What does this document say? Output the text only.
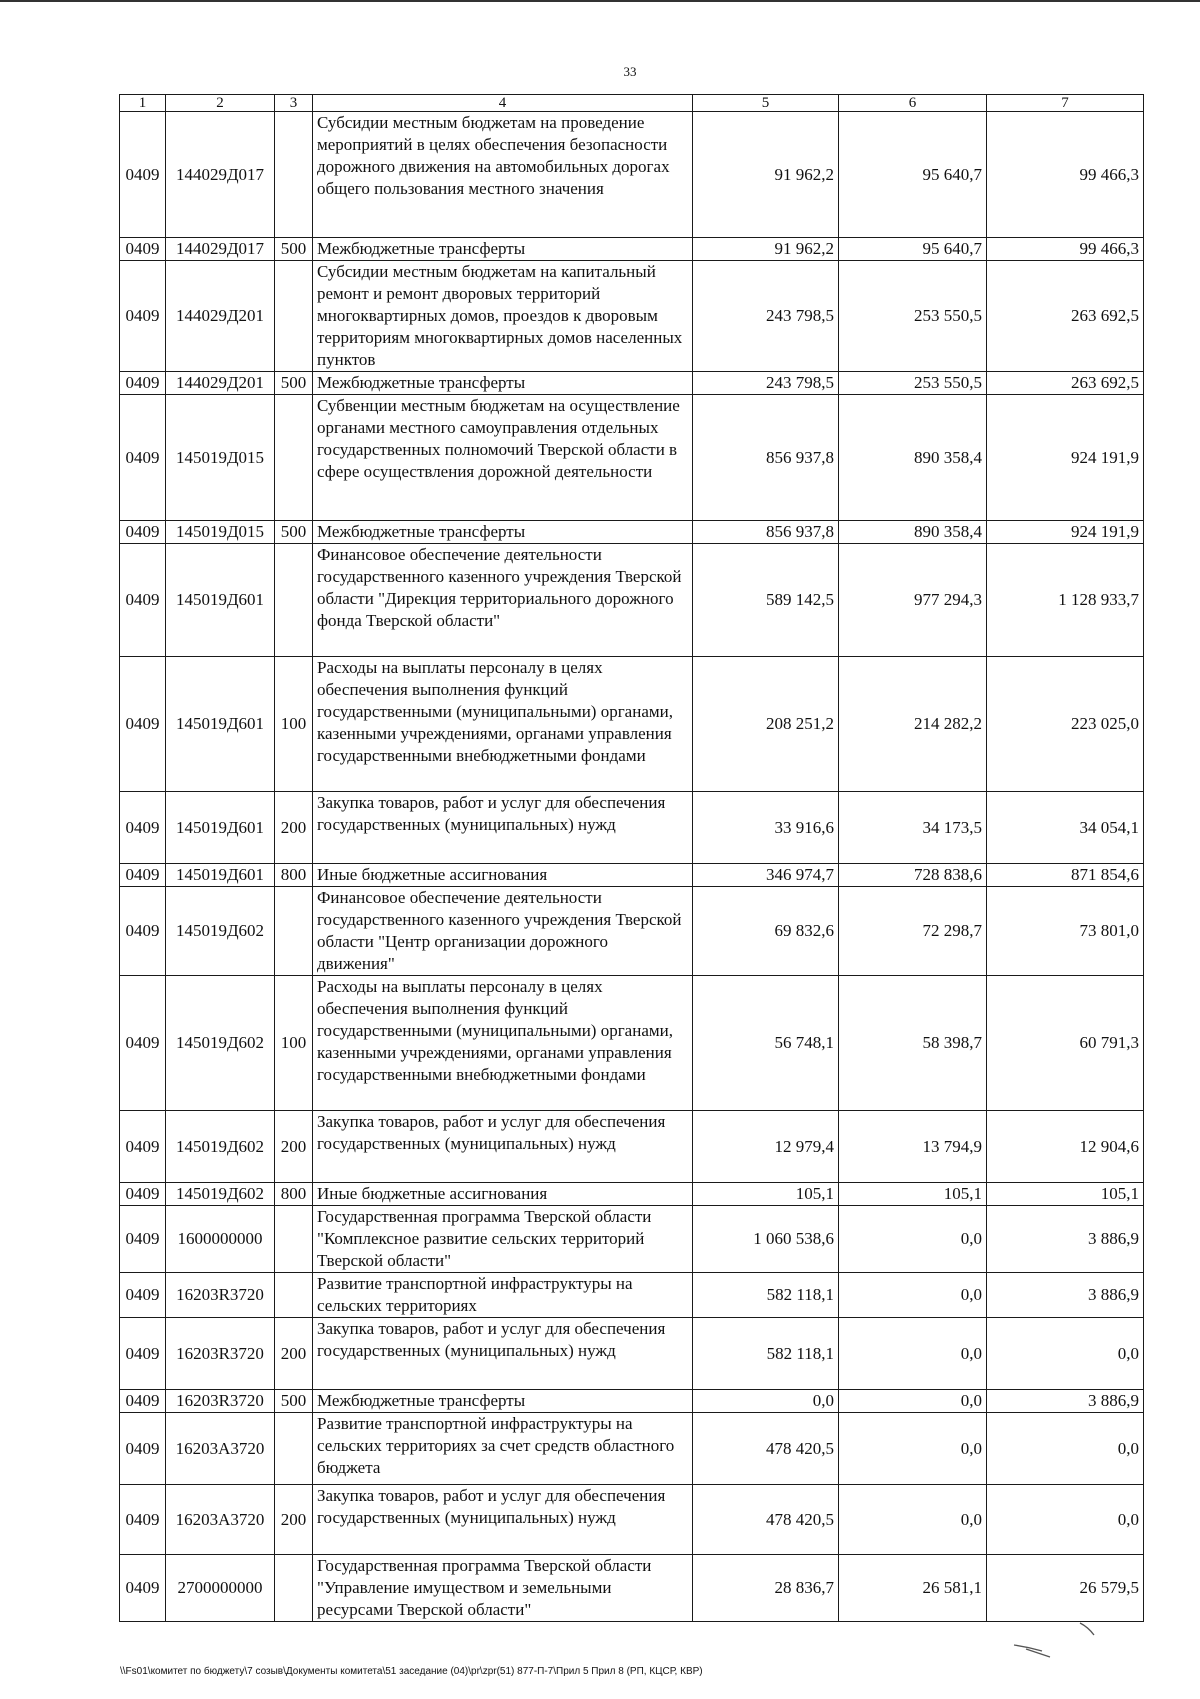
33
1	2	3	4	5	6	7
0409	144029Д017		Субсидии местным бюджетам на проведение мероприятий в целях обеспечения безопасности дорожного движения на автомобильных дорогах общего пользования местного значения	91 962,2	95 640,7	99 466,3
0409	144029Д017	500	Межбюджетные трансферты	91 962,2	95 640,7	99 466,3
0409	144029Д201		Субсидии местным бюджетам на капитальный ремонт и ремонт дворовых территорий многоквартирных домов, проездов к дворовым территориям многоквартирных домов населенных пунктов	243 798,5	253 550,5	263 692,5
0409	144029Д201	500	Межбюджетные трансферты	243 798,5	253 550,5	263 692,5
0409	145019Д015		Субвенции местным бюджетам на осуществление органами местного самоуправления отдельных государственных полномочий Тверской области в сфере осуществления дорожной деятельности	856 937,8	890 358,4	924 191,9
0409	145019Д015	500	Межбюджетные трансферты	856 937,8	890 358,4	924 191,9
0409	145019Д601		Финансовое обеспечение деятельности государственного казенного учреждения Тверской области "Дирекция территориального дорожного фонда Тверской области"	589 142,5	977 294,3	1 128 933,7
0409	145019Д601	100	Расходы на выплаты персоналу в целях обеспечения выполнения функций государственными (муниципальными) органами, казенными учреждениями, органами управления государственными внебюджетными фондами	208 251,2	214 282,2	223 025,0
0409	145019Д601	200	Закупка товаров, работ и услуг для обеспечения государственных (муниципальных) нужд	33 916,6	34 173,5	34 054,1
0409	145019Д601	800	Иные бюджетные ассигнования	346 974,7	728 838,6	871 854,6
0409	145019Д602		Финансовое обеспечение деятельности государственного казенного учреждения Тверской области "Центр организации дорожного движения"	69 832,6	72 298,7	73 801,0
0409	145019Д602	100	Расходы на выплаты персоналу в целях обеспечения выполнения функций государственными (муниципальными) органами, казенными учреждениями, органами управления государственными внебюджетными фондами	56 748,1	58 398,7	60 791,3
0409	145019Д602	200	Закупка товаров, работ и услуг для обеспечения государственных (муниципальных) нужд	12 979,4	13 794,9	12 904,6
0409	145019Д602	800	Иные бюджетные ассигнования	105,1	105,1	105,1
0409	1600000000		Государственная программа Тверской области "Комплексное развитие сельских территорий Тверской области"	1 060 538,6	0,0	3 886,9
0409	16203R3720		Развитие транспортной инфраструктуры на сельских территориях	582 118,1	0,0	3 886,9
0409	16203R3720	200	Закупка товаров, работ и услуг для обеспечения государственных (муниципальных) нужд	582 118,1	0,0	0,0
0409	16203R3720	500	Межбюджетные трансферты	0,0	0,0	3 886,9
0409	16203A3720		Развитие транспортной инфраструктуры на сельских территориях за счет средств областного бюджета	478 420,5	0,0	0,0
0409	16203A3720	200	Закупка товаров, работ и услуг для обеспечения государственных (муниципальных) нужд	478 420,5	0,0	0,0
0409	2700000000		Государственная программа Тверской области "Управление имуществом и земельными ресурсами Тверской области"	28 836,7	26 581,1	26 579,5
\\Fs01\комитет по бюджету\7 созыв\Документы комитета\51 заседание (04)\pr\zpr(51) 877-П-7\Прил 5 Прил 8 (РП, КЦСР, КВР)
